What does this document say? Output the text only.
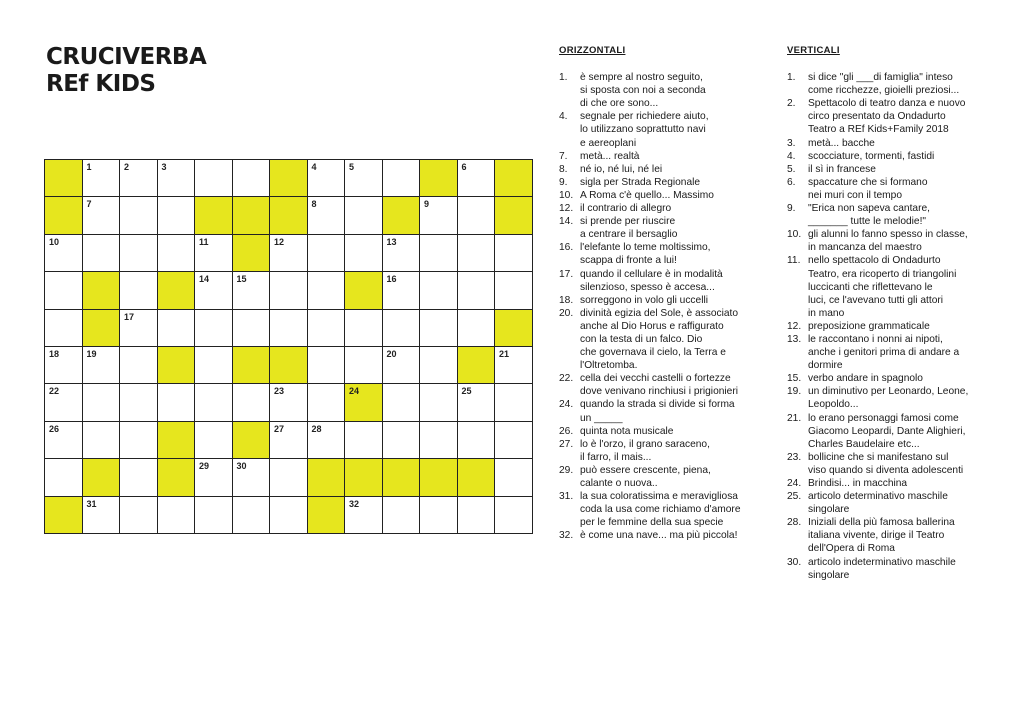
CRUCIVERBA
REf KIDS
1	2	3	4	5	6
7	8	9
10	11	12	13
14	15	16
17
18	19	20	21
22	23	24	25
26	27	28
29	30
31	32
ORIZZONTALI
1.	è sempre al nostro seguito,
si sposta con noi a seconda
di che ore sono...
4.	segnale per richiedere aiuto,
lo utilizzano soprattutto navi
e aereoplani
7.	metà... realtà
8.	né io, né lui, né lei
9.	sigla per Strada Regionale
10. A Roma c'è quello... Massimo
12. il contrario di allegro
14. si prende per riuscire
a centrare il bersaglio
16. l'elefante lo teme moltissimo,
scappa di fronte a lui!
17. quando il cellulare è in modalità
silenzioso, spesso è accesa...
18. sorreggono in volo gli uccelli
20. divinità egizia del Sole, è associato
anche al Dio Horus e raffigurato
con la testa di un falco. Dio
che governava il cielo, la Terra e
l'Oltretomba.
22. cella dei vecchi castelli o fortezze
dove venivano rinchiusi i prigionieri
24. quando la strada si divide si forma
un _____
26. quinta nota musicale
27. lo è l'orzo, il grano saraceno,
il farro, il mais...
29. può essere crescente, piena,
calante o nuova..
31. la sua coloratissima e meravigliosa
coda la usa come richiamo d'amore
per le femmine della sua specie
32. è come una nave... ma più piccola!
VERTICALI
1.	si dice "gli ___di famiglia" inteso
come ricchezze, gioielli preziosi...
2.	Spettacolo di teatro danza e nuovo
circo presentato da Ondadurto
Teatro a REf Kids+Family 2018
3.	metà... bacche
4.	scocciature, tormenti, fastidi
5.	il sì in francese
6.	spaccature che si formano
nei muri con il tempo
9.	"Erica non sapeva cantare,
_______ tutte le melodie!"
10. gli alunni lo fanno spesso in classe,
in mancanza del maestro
11. nello spettacolo di Ondadurto
Teatro, era ricoperto di triangolini
luccicanti che riflettevano le
luci, ce l'avevano tutti gli attori
in mano
12. preposizione grammaticale
13. le raccontano i nonni ai nipoti,
anche i genitori prima di andare a
dormire
15. verbo andare in spagnolo
19. un diminutivo per Leonardo, Leone,
Leopoldo...
21. lo erano personaggi famosi come
Giacomo Leopardi, Dante Alighieri,
Charles Baudelaire etc...
23. bollicine che si manifestano sul
viso quando si diventa adolescenti
24. Brindisi... in macchina
25. articolo determinativo maschile
singolare
28. Iniziali della più famosa ballerina
italiana vivente, dirige il Teatro
dell'Opera di Roma
30. articolo indeterminativo maschile
singolare
